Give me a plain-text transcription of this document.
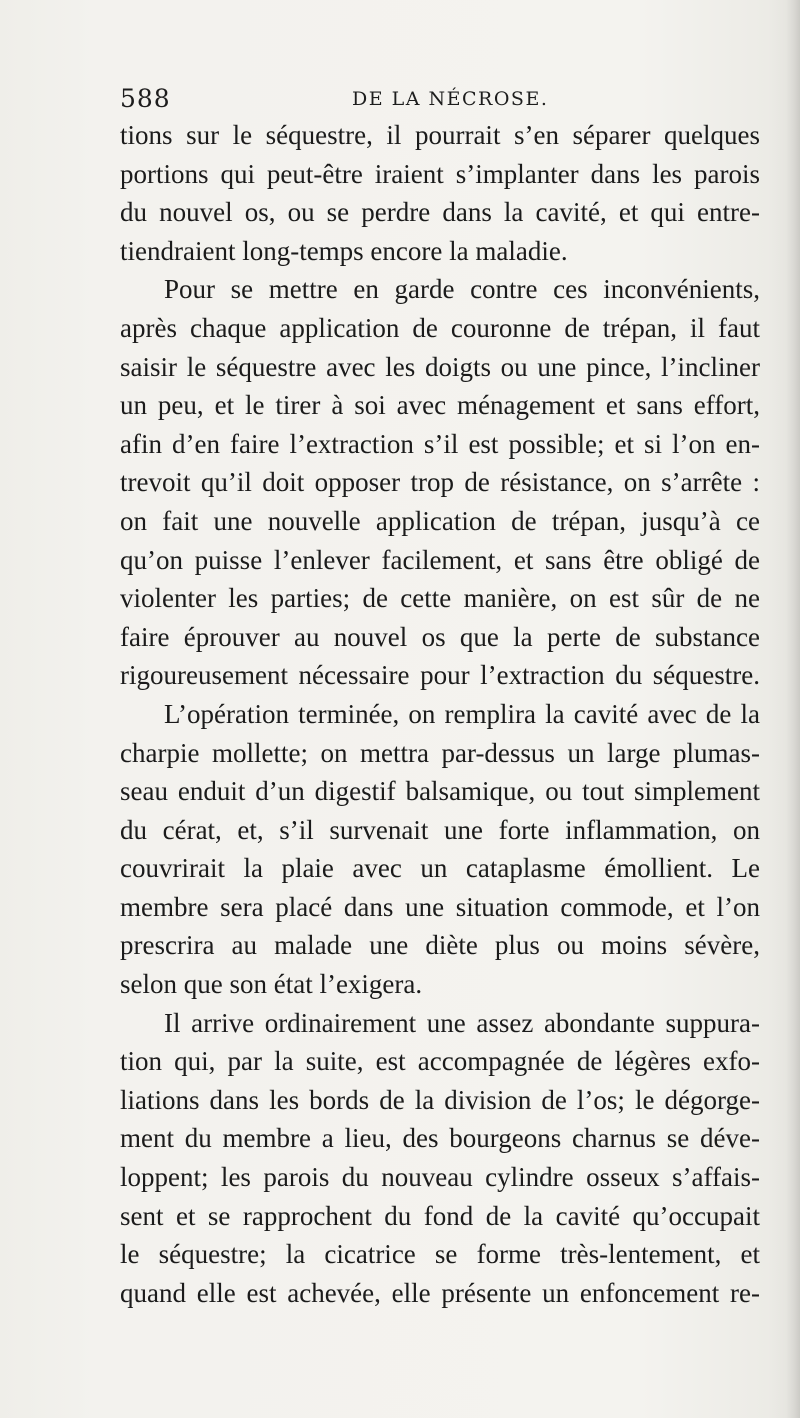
588	DE LA NÉCROSE.
tions sur le séquestre, il pourrait s’en séparer quelques
portions qui peut-être iraient s’implanter dans les parois
du nouvel os, ou se perdre dans la cavité, et qui entre-
tiendraient long-temps encore la maladie.
Pour se mettre en garde contre ces inconvénients,
après chaque application de couronne de trépan, il faut
saisir le séquestre avec les doigts ou une pince, l’incliner
un peu, et le tirer à soi avec ménagement et sans effort,
afin d’en faire l’extraction s’il est possible; et si l’on en-
trevoit qu’il doit opposer trop de résistance, on s’arrête :
on fait une nouvelle application de trépan, jusqu’à ce
qu’on puisse l’enlever facilement, et sans être obligé de
violenter les parties; de cette manière, on est sûr de ne
faire éprouver au nouvel os que la perte de substance
rigoureusement nécessaire pour l’extraction du séquestre.
L’opération terminée, on remplira la cavité avec de la
charpie mollette; on mettra par-dessus un large plumas-
seau enduit d’un digestif balsamique, ou tout simplement
du cérat, et, s’il survenait une forte inflammation, on
couvrirait la plaie avec un cataplasme émollient. Le
membre sera placé dans une situation commode, et l’on
prescrira au malade une diète plus ou moins sévère,
selon que son état l’exigera.
Il arrive ordinairement une assez abondante suppura-
tion qui, par la suite, est accompagnée de légères exfo-
liations dans les bords de la division de l’os; le dégorge-
ment du membre a lieu, des bourgeons charnus se déve-
loppent; les parois du nouveau cylindre osseux s’affais-
sent et se rapprochent du fond de la cavité qu’occupait
le séquestre; la cicatrice se forme très-lentement, et
quand elle est achevée, elle présente un enfoncement re-
